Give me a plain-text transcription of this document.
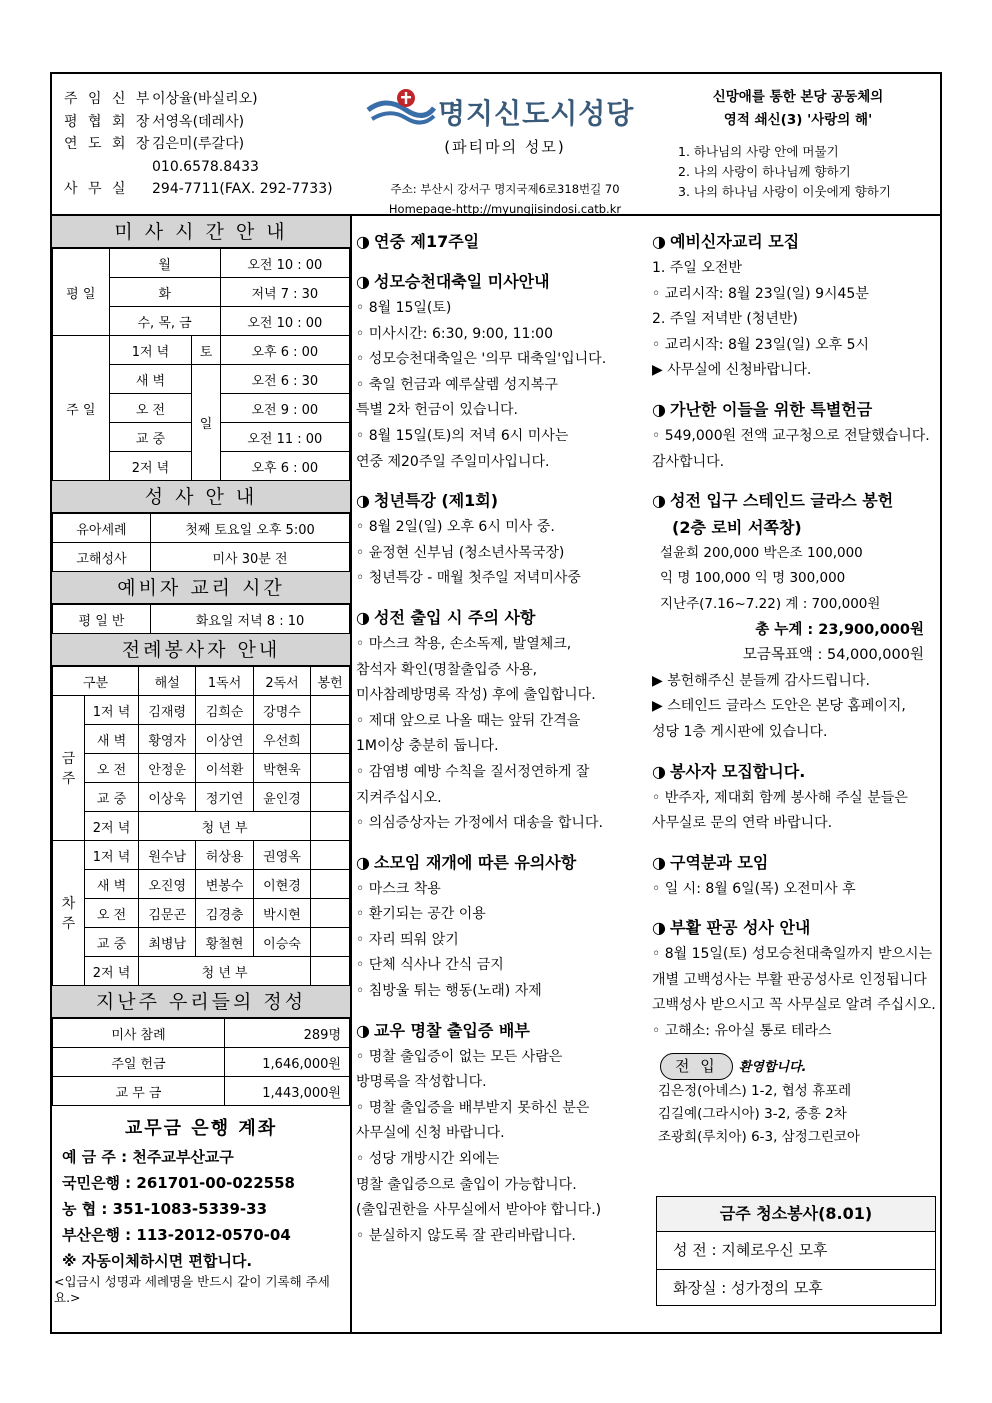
주 임 신 부이상율(바실리오)
평 협 회 장서영옥(데레사)
연 도 회 장김은미(루갈다)
010.6578.8433
사 무 실 294-7711(FAX. 292-7733)
명지신도시성당
(파티마의 성모)
주소: 부산시 강서구 명지국제6로318번길 70
Homepage-http://myungjisindosi.catb.kr
신망애를 통한 본당 공동체의
영적 쇄신(3) '사랑의 해'
1. 하나님의 사랑 안에 머물기
2. 나의 사랑이 하나님께 향하기
3. 나의 하나님 사랑이 이웃에게 향하기
미 사 시 간 안 내
평 일	월		오전 10 : 00
	화		저녁 7 : 30
	수, 목, 금		오전 10 : 00
주 일	1저 녁	토	오후 6 : 00
	새 벽	일	오전 6 : 30
	오 전		오전 9 : 00
	교 중		오전 11 : 00
	2저 녁		오후 6 : 00
성 사 안 내
유아세례	첫째 토요일 오후 5:00
고해성사	미사 30분 전
예비자 교리 시간
평 일 반	화요일 저녁 8 : 10
전례봉사자 안내
구분		해설	1독서	2독서	봉헌
금 주	1저 녁	김재령	김희순	강명수	
	새 벽	황영자	이상연	우선희	
	오 전	안정운	이석환	박현욱	
	교 중	이상욱	정기연	윤인경	
	2저 녁	청 년 부			
차 주	1저 녁	원수남	허상용	권영옥	
	새 벽	오진영	변봉수	이현경	
	오 전	김문곤	김경충	박시현	
	교 중	최병남	황철현	이승숙	
	2저 녁	청 년 부			
지난주 우리들의 정성
미사 참례	289명
주일 헌금	1,646,000원
교 무 금	1,443,000원
교무금 은행 계좌
예 금 주 : 천주교부산교구
국민은행 : 261701-00-022558
농 협 : 351-1083-5339-33
부산은행 : 113-2012-0570-04
※ 자동이체하시면 편합니다.
<입금시 성명과 세례명을 반드시 같이 기록해 주세요.>
◑ 연중 제17주일
◑ 성모승천대축일 미사안내

◦ 8월 15일(토)

◦ 미사시간: 6:30, 9:00, 11:00

◦ 성모승천대축일은 '의무 대축일'입니다.

◦ 축일 헌금과 예루살렘 성지복구

특별 2차 헌금이 있습니다.

◦ 8월 15일(토)의 저녁 6시 미사는

연중 제20주일 주일미사입니다.

◑ 청년특강 (제1회)

◦ 8월 2일(일) 오후 6시 미사 중.

◦ 윤정현 신부님 (청소년사목국장)

◦ 청년특강 - 매월 첫주일 저녁미사중

◑ 성전 출입 시 주의 사항

◦ 마스크 착용, 손소독제, 발열체크,

참석자 확인(명찰출입증 사용,

미사참례방명록 작성) 후에 출입합니다.

◦ 제대 앞으로 나올 때는 앞뒤 간격을

1M이상 충분히 둡니다.

◦ 감염병 예방 수칙을 질서정연하게 잘

지켜주십시오.

◦ 의심증상자는 가정에서 대송을 합니다.

◑ 소모임 재개에 따른 유의사항

◦ 마스크 착용

◦ 환기되는 공간 이용

◦ 자리 띄워 앉기

◦ 단체 식사나 간식 금지

◦ 침방울 튀는 행동(노래) 자제

◑ 교우 명찰 출입증 배부

◦ 명찰 출입증이 없는 모든 사람은

방명록을 작성합니다.

◦ 명찰 출입증을 배부받지 못하신 분은

사무실에 신청 바랍니다.

◦ 성당 개방시간 외에는

명찰 출입증으로 출입이 가능합니다.

(출입권한을 사무실에서 받아야 합니다.)

◦ 분실하지 않도록 잘 관리바랍니다.

◑ 예비신자교리 모집

1. 주일 오전반

◦ 교리시작: 8월 23일(일) 9시45분

2. 주일 저녁반 (청년반)

◦ 교리시작: 8월 23일(일) 오후 5시

▶ 사무실에 신청바랍니다.

◑ 가난한 이들을 위한 특별헌금

◦ 549,000원 전액 교구청으로 전달했습니다.

감사합니다.

◑ 성전 입구 스테인드 글라스 봉헌

(2층 로비 서쪽창)

설윤희 200,000 박은조 100,000

익 명 100,000 익 명 300,000

지난주(7.16~7.22) 계 : 700,000원

총 누계 : 23,900,000원

모금목표액 : 54,000,000원

▶ 봉헌해주신 분들께 감사드립니다.

▶ 스테인드 글라스 도안은 본당 홈페이지,

성당 1층 게시판에 있습니다.

◑ 봉사자 모집합니다.

◦ 반주자, 제대회 함께 봉사해 주실 분들은

사무실로 문의 연락 바랍니다.

◑ 구역분과 모임

◦ 일 시: 8월 6일(목) 오전미사 후

◑ 부활 판공 성사 안내

◦ 8월 15일(토) 성모승천대축일까지 받으시는

개별 고백성사는 부활 판공성사로 인정됩니다

고백성사 받으시고 꼭 사무실로 알려 주십시오.

◦ 고해소: 유아실 통로 테라스

전 입 환영합니다.

김은정(아녜스) 1-2, 협성 휴포레

김길예(그라시아) 3-2, 중흥 2차

조광희(루치아) 6-3, 삼정그린코아

금주 청소봉사(8.01)
성 전 : 지혜로우신 모후
화장실 : 성가정의 모후
